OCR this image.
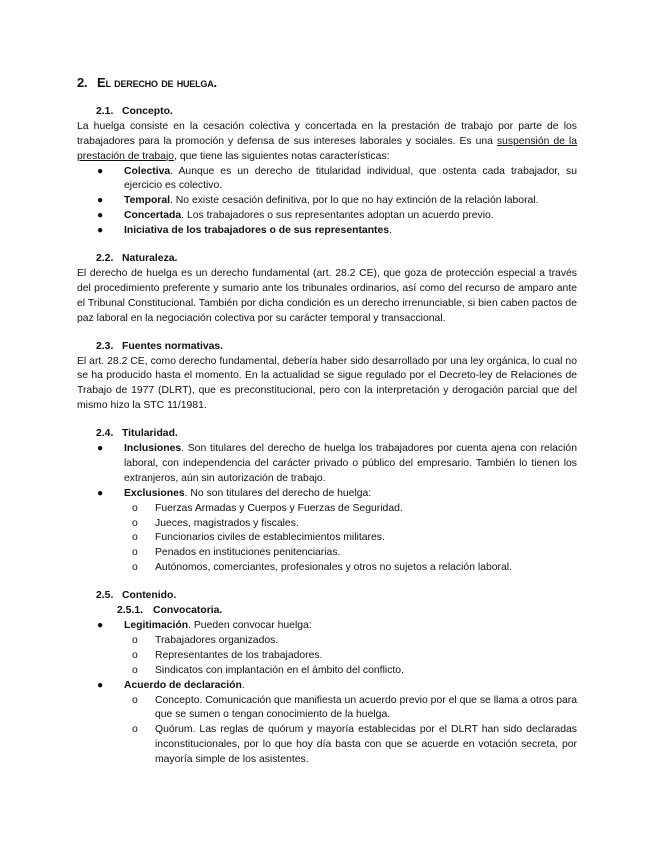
2. El derecho de huelga.
2.1. Concepto.

La huelga consiste en la cesación colectiva y concertada en la prestación de trabajo por parte de los trabajadores para la promoción y defensa de sus intereses laborales y sociales. Es una suspensión de la prestación de trabajo, que tiene las siguientes notas características:

● Colectiva. Aunque es un derecho de titularidad individual, que ostenta cada trabajador, su ejercicio es colectivo.
● Temporal. No existe cesación definitiva, por lo que no hay extinción de la relación laboral.
● Concertada. Los trabajadores o sus representantes adoptan un acuerdo previo.
● Iniciativa de los trabajadores o de sus representantes.
2.2. Naturaleza.

El derecho de huelga es un derecho fundamental (art. 28.2 CE), que goza de protección especial a través del procedimiento preferente y sumario ante los tribunales ordinarios, así como del recurso de amparo ante el Tribunal Constitucional. También por dicha condición es un derecho irrenunciable, si bien caben pactos de paz laboral en la negociación colectiva por su carácter temporal y transaccional.

2.3. Fuentes normativas.

El art. 28.2 CE, como derecho fundamental, debería haber sido desarrollado por una ley orgánica, lo cual no se ha producido hasta el momento. En la actualidad se sigue regulado por el Decreto-ley de Relaciones de Trabajo de 1977 (DLRT), que es preconstitucional, pero con la interpretación y derogación parcial que del mismo hizo la STC 11/1981.

2.4. Titularidad.
● Inclusiones. Son titulares del derecho de huelga los trabajadores por cuenta ajena con relación laboral, con independencia del carácter privado o público del empresario. También lo tienen los extranjeros, aún sin autorización de trabajo.
● Exclusiones. No son titulares del derecho de huelga:
o Fuerzas Armadas y Cuerpos y Fuerzas de Seguridad.
o Jueces, magistrados y fiscales.
o Funcionarios civiles de establecimientos militares.
o Penados en instituciones penitenciarias.
o Autónomos, comerciantes, profesionales y otros no sujetos a relación laboral.
2.5. Contenido.
2.5.1. Convocatoria.
● Legitimación. Pueden convocar huelga:
o Trabajadores organizados.
o Representantes de los trabajadores.
o Sindicatos con implantación en el ámbito del conflicto.
● Acuerdo de declaración.
o Concepto. Comunicación que manifiesta un acuerdo previo por el que se llama a otros para que se sumen o tengan conocimiento de la huelga.
o Quórum. Las reglas de quórum y mayoría establecidas por el DLRT han sido declaradas inconstitucionales, por lo que hoy día basta con que se acuerde en votación secreta, por mayoría simple de los asistentes.
